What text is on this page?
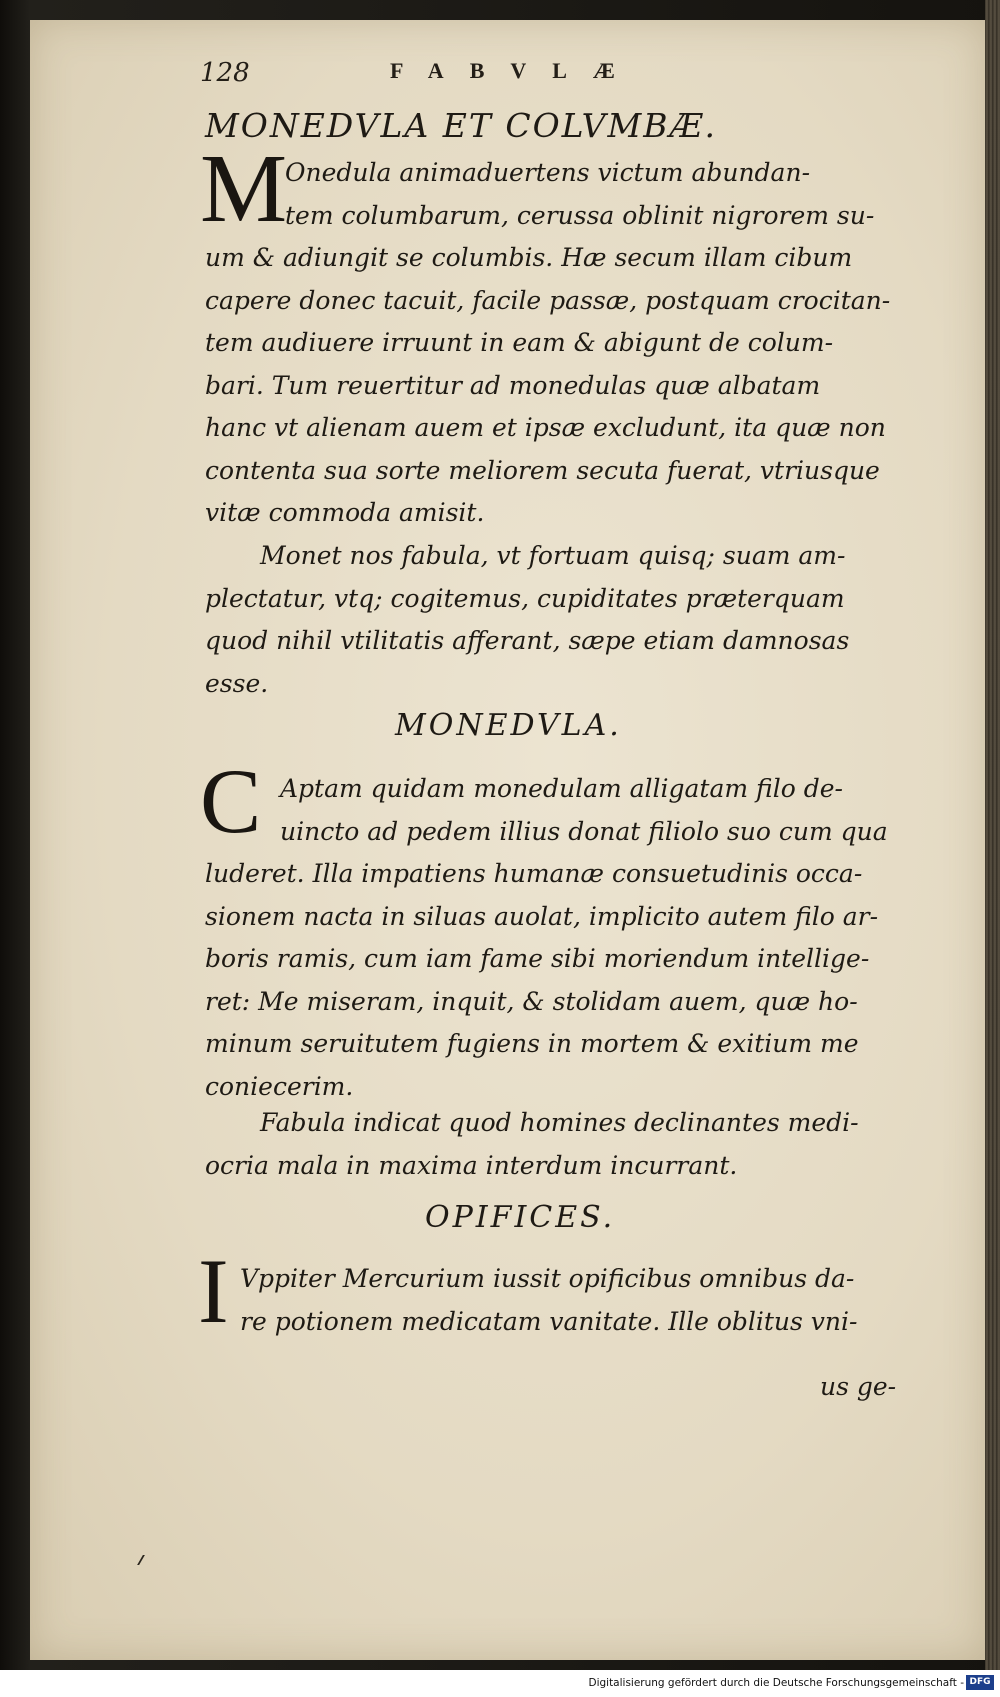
128	FABVLÆ
MONEDVLA ET COLVMBÆ.
M
Onedula animaduertens victum abundan-
tem columbarum, cerussa oblinit nigrorem su-
um & adiungit se columbis. Hæ secum illam cibum
capere donec tacuit, facile passæ, postquam crocitan-
tem audiuere irruunt in eam & abigunt de colum-
bari. Tum reuertitur ad monedulas quæ albatam
hanc vt alienam auem et ipsæ excludunt, ita quæ non
contenta sua sorte meliorem secuta fuerat, vtriusque
vitæ commoda amisit.
Monet nos fabula, vt fortuam quisq; suam am-
plectatur, vtq; cogitemus, cupiditates præterquam
quod nihil vtilitatis afferant, sæpe etiam damnosas
esse.
MONEDVLA.
C Aptam quidam monedulam alligatam filo de-
uincto ad pedem illius donat filiolo suo cum qua
luderet. Illa impatiens humanæ consuetudinis occa-
sionem nacta in siluas auolat, implicito autem filo ar-
boris ramis, cum iam fame sibi moriendum intellige-
ret: Me miseram, inquit, & stolidam auem, quæ ho-
minum seruitutem fugiens in mortem & exitium me
coniecerim.
Fabula indicat quod homines declinantes medi-
ocria mala in maxima interdum incurrant.
OPIFICES.
I Vppiter Mercurium iussit opificibus omnibus da-
re potionem medicatam vanitate. Ille oblitus vni-
us ge-
Digitalisierung gefördert durch die Deutsche Forschungsgemeinschaft - DFG
